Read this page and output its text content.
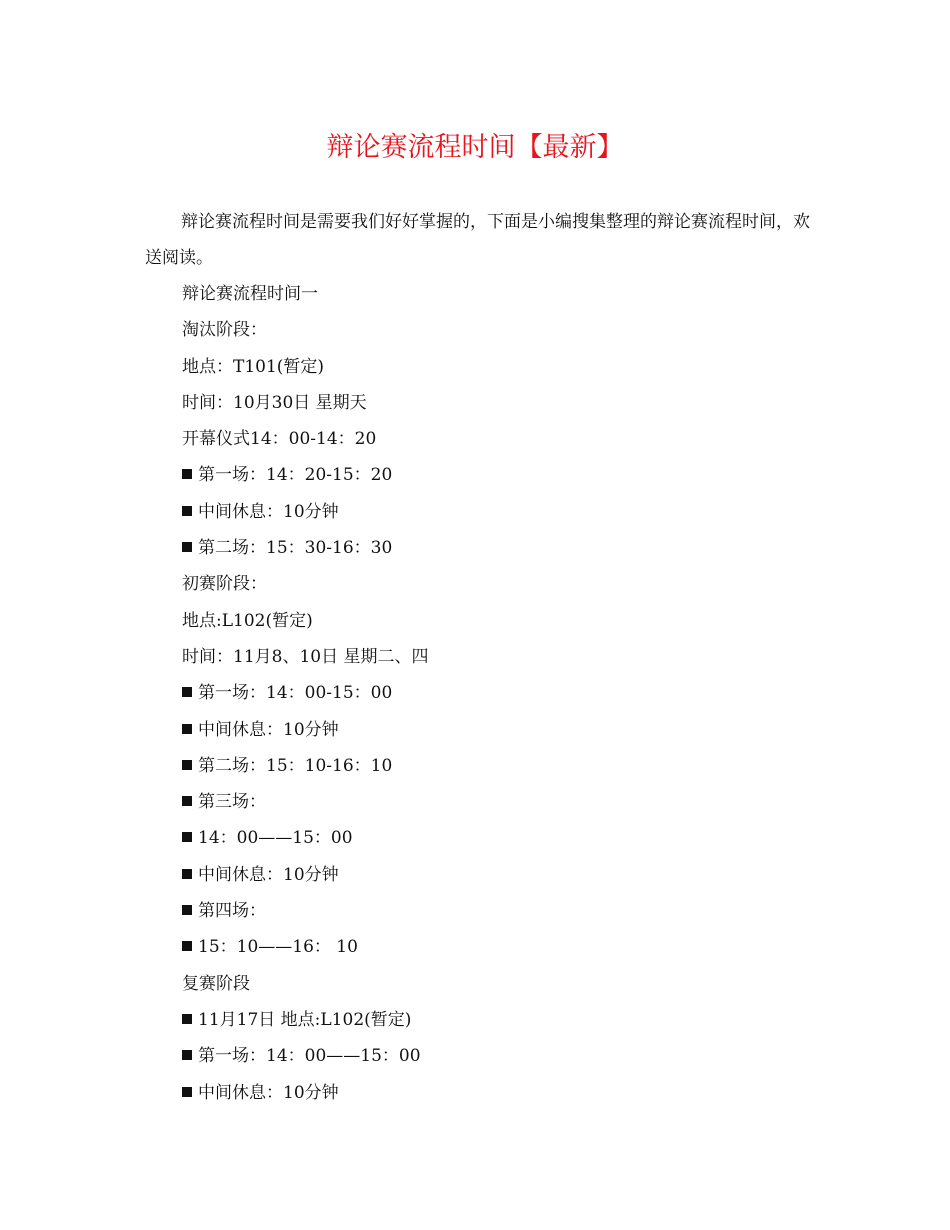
辩论赛流程时间【最新】
辩论赛流程时间是需要我们好好掌握的，下面是小编搜集整理的辩论赛流程时间，欢送阅读。
辩论赛流程时间一
淘汰阶段：
地点：T101(暂定)
时间：10月30日 星期天
开幕仪式14：00-14：20
第一场：14：20-15：20
中间休息：10分钟
第二场：15：30-16：30
初赛阶段：
地点:L102(暂定)
时间：11月8、10日 星期二、四
第一场：14：00-15：00
中间休息：10分钟
第二场：15：10-16：10
第三场：
14：00——15：00
中间休息：10分钟
第四场：
15：10——16： 10
复赛阶段
11月17日 地点:L102(暂定)
第一场：14：00——15：00
中间休息：10分钟
